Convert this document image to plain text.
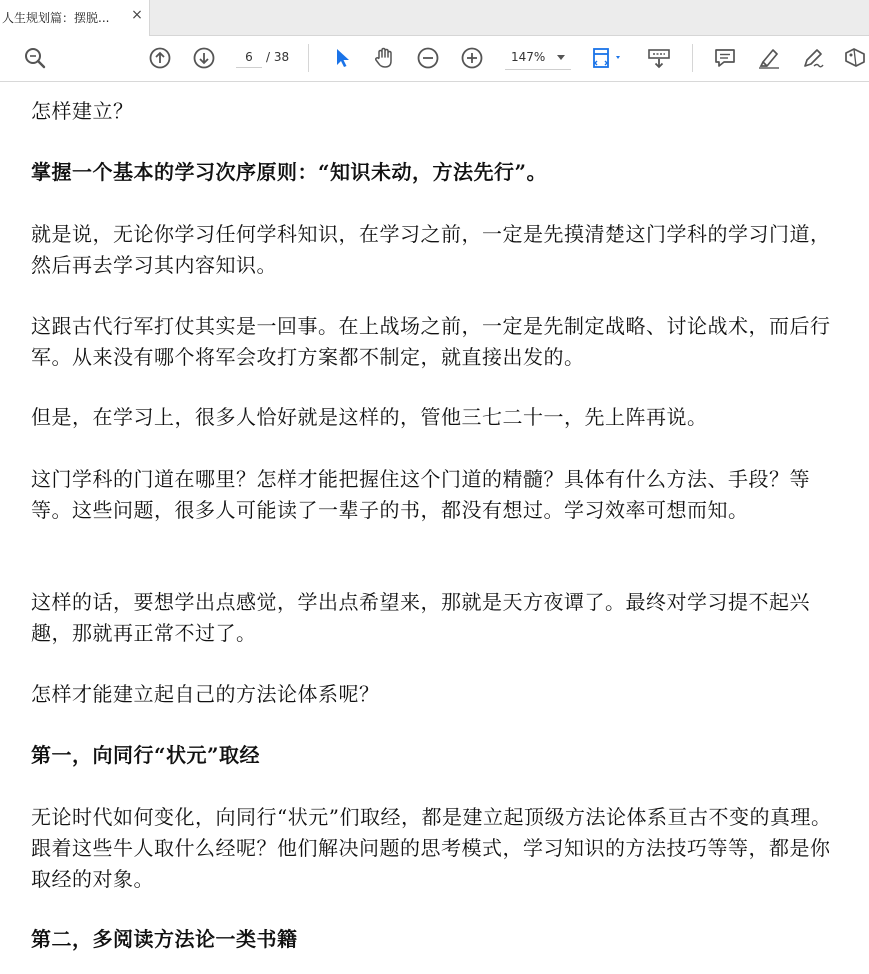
人生规划篇：摆脱...	×
6
/ 38	147%

怎样建立？

掌握一个基本的学习次序原则：“知识未动，方法先行”。

就是说，无论你学习任何学科知识，在学习之前，一定是先摸清楚这门学科的学习门道，然后再去学习其内容知识。

这跟古代行军打仗其实是一回事。在上战场之前，一定是先制定战略、讨论战术，而后行军。从来没有哪个将军会攻打方案都不制定，就直接出发的。

但是，在学习上，很多人恰好就是这样的，管他三七二十一，先上阵再说。

这门学科的门道在哪里？怎样才能把握住这个门道的精髓？具体有什么方法、手段？等等。这些问题，很多人可能读了一辈子的书，都没有想过。学习效率可想而知。

这样的话，要想学出点感觉，学出点希望来，那就是天方夜谭了。最终对学习提不起兴趣，那就再正常不过了。

怎样才能建立起自己的方法论体系呢？

第一，向同行“状元”取经

无论时代如何变化，向同行“状元”们取经，都是建立起顶级方法论体系亘古不变的真理。跟着这些牛人取什么经呢？他们解决问题的思考模式，学习知识的方法技巧等等，都是你取经的对象。

第二，多阅读方法论一类书籍
